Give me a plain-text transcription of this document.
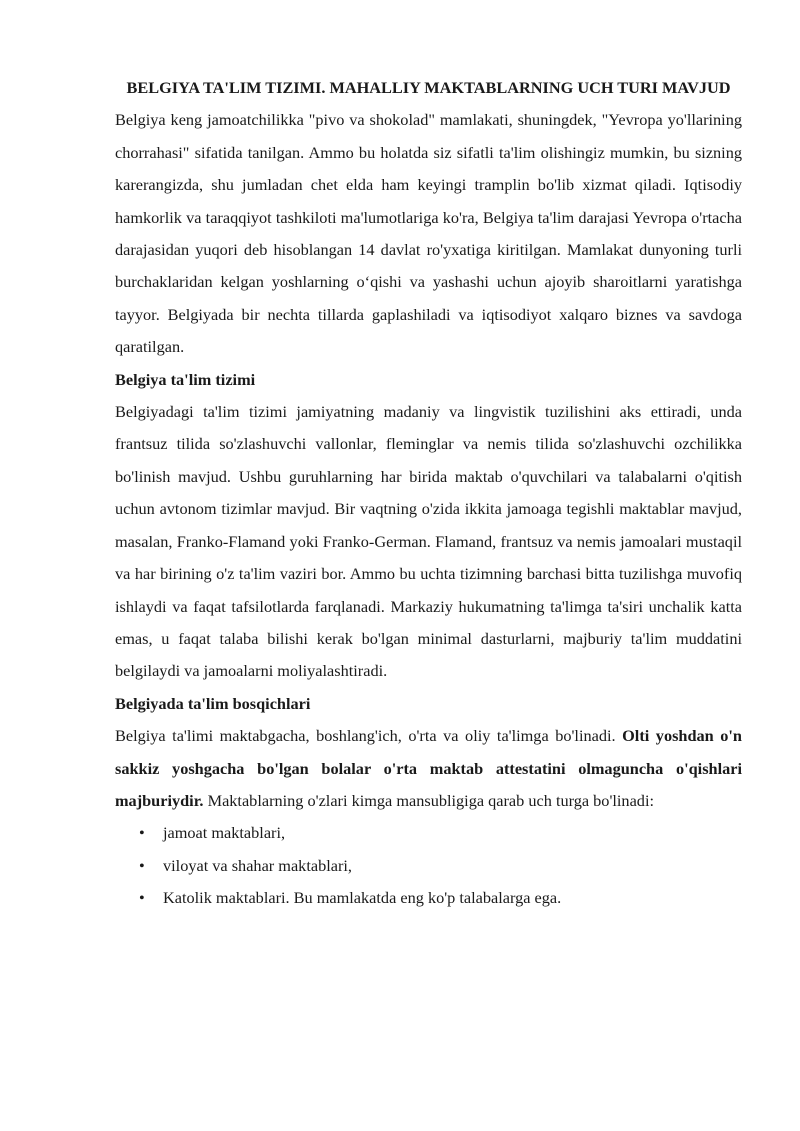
BELGIYA TA'LIM TIZIMI. MAHALLIY MAKTABLARNING UCH TURI MAVJUD

Belgiya keng jamoatchilikka "pivo va shokolad" mamlakati, shuningdek, "Yevropa yo'llarining chorrahasi" sifatida tanilgan. Ammo bu holatda siz sifatli ta'lim olishingiz mumkin, bu sizning karerangizda, shu jumladan chet elda ham keyingi tramplin bo'lib xizmat qiladi. Iqtisodiy hamkorlik va taraqqiyot tashkiloti ma'lumotlariga ko'ra, Belgiya ta'lim darajasi Yevropa o'rtacha darajasidan yuqori deb hisoblangan 14 davlat ro'yxatiga kiritilgan. Mamlakat dunyoning turli burchaklaridan kelgan yoshlarning o‘qishi va yashashi uchun ajoyib sharoitlarni yaratishga tayyor. Belgiyada bir nechta tillarda gaplashiladi va iqtisodiyot xalqaro biznes va savdoga qaratilgan.

Belgiya ta'lim tizimi

Belgiyadagi ta'lim tizimi jamiyatning madaniy va lingvistik tuzilishini aks ettiradi, unda frantsuz tilida so'zlashuvchi vallonlar, fleminglar va nemis tilida so'zlashuvchi ozchilikka bo'linish mavjud. Ushbu guruhlarning har birida maktab o'quvchilari va talabalarni o'qitish uchun avtonom tizimlar mavjud. Bir vaqtning o'zida ikkita jamoaga tegishli maktablar mavjud, masalan, Franko-Flamand yoki Franko-German. Flamand, frantsuz va nemis jamoalari mustaqil va har birining o'z ta'lim vaziri bor. Ammo bu uchta tizimning barchasi bitta tuzilishga muvofiq ishlaydi va faqat tafsilotlarda farqlanadi. Markaziy hukumatning ta'limga ta'siri unchalik katta emas, u faqat talaba bilishi kerak bo'lgan minimal dasturlarni, majburiy ta'lim muddatini belgilaydi va jamoalarni moliyalashtiradi.

Belgiyada ta'lim bosqichlari

Belgiya ta'limi maktabgacha, boshlang'ich, o'rta va oliy ta'limga bo'linadi. Olti yoshdan o'n sakkiz yoshgacha bo'lgan bolalar o'rta maktab attestatini olmaguncha o'qishlari majburiydir. Maktablarning o'zlari kimga mansubligiga qarab uch turga bo'linadi:

• jamoat maktablari,
• viloyat va shahar maktablari,
• Katolik maktablari. Bu mamlakatda eng ko'p talabalarga ega.
